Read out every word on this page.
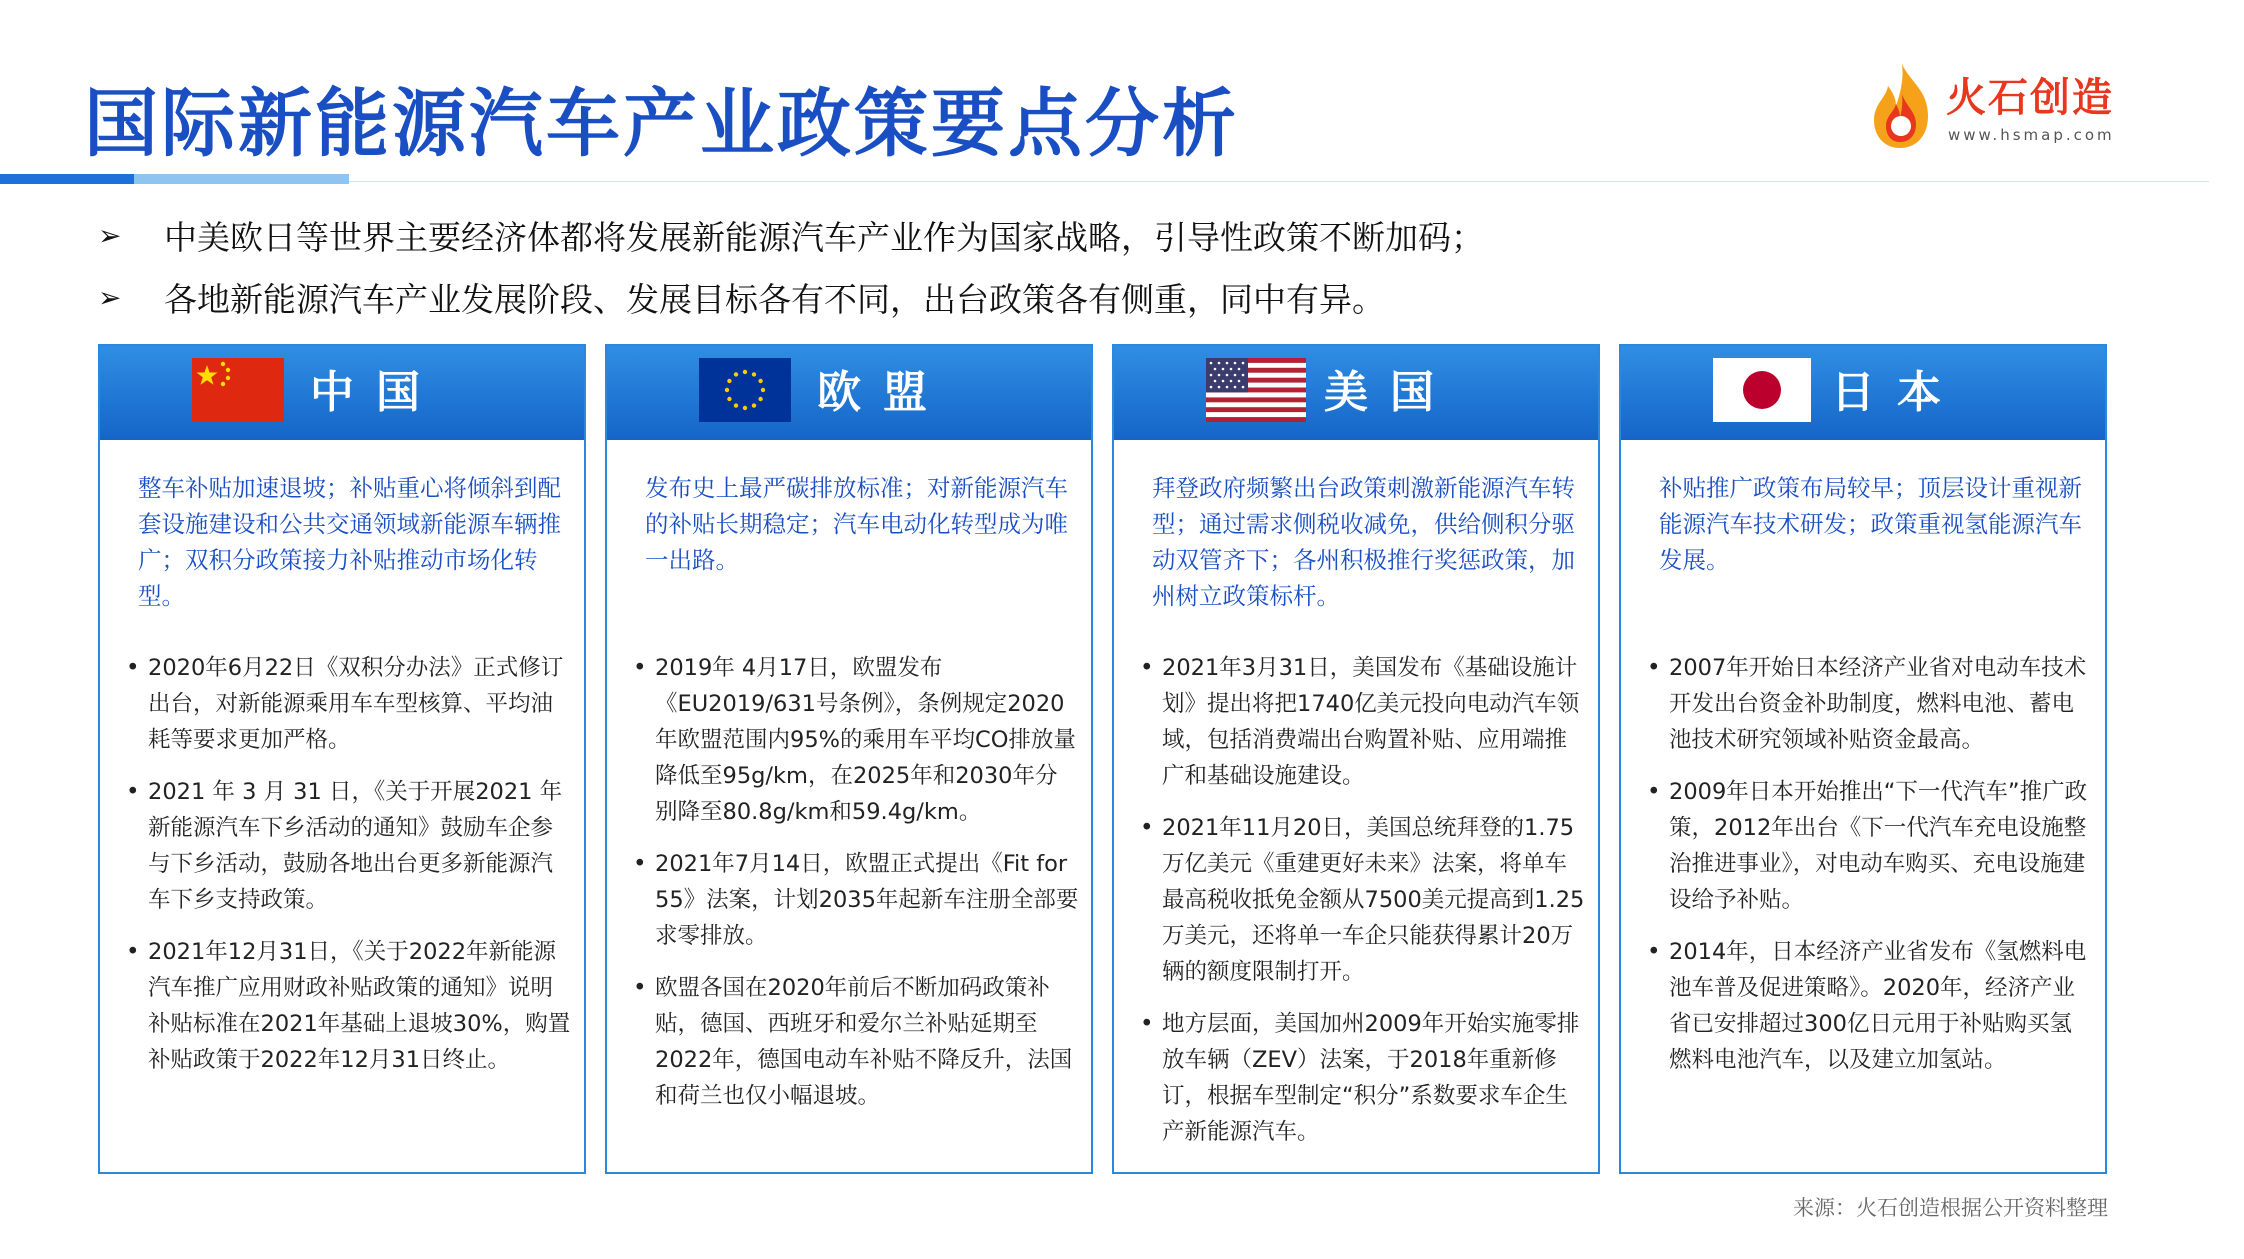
国际新能源汽车产业政策要点分析	火石创造
www.hsmap.com
➢	中美欧日等世界主要经济体都将发展新能源汽车产业作为国家战略，引导性政策不断加码；
➢	各地新能源汽车产业发展阶段、发展目标各有不同，出台政策各有侧重，同中有异。
中国
整车补贴加速退坡；补贴重心将倾斜到配套设施建设和公共交通领域新能源车辆推广；双积分政策接力补贴推动市场化转型。
• 2020年6月22日《双积分办法》正式修订出台，对新能源乘用车车型核算、平均油耗等要求更加严格。
• 2021 年 3 月 31 日，《关于开展2021 年新能源汽车下乡活动的通知》鼓励车企参与下乡活动，鼓励各地出台更多新能源汽车下乡支持政策。
• 2021年12月31日，《关于2022年新能源汽车推广应用财政补贴政策的通知》说明补贴标准在2021年基础上退坡30%，购置补贴政策于2022年12月31日终止。
欧盟
发布史上最严碳排放标准；对新能源汽车的补贴长期稳定；汽车电动化转型成为唯一出路。
• 2019年 4月17日，欧盟发布《EU2019/631号条例》，条例规定2020年欧盟范围内95%的乘用车平均CO排放量降低至95g/km，在2025年和2030年分别降至80.8g/km和59.4g/km。
• 2021年7月14日，欧盟正式提出《Fit for 55》法案，计划2035年起新车注册全部要求零排放。
• 欧盟各国在2020年前后不断加码政策补贴，德国、西班牙和爱尔兰补贴延期至2022年，德国电动车补贴不降反升，法国和荷兰也仅小幅退坡。
美国
拜登政府频繁出台政策刺激新能源汽车转型；通过需求侧税收减免，供给侧积分驱动双管齐下；各州积极推行奖惩政策，加州树立政策标杆。
• 2021年3月31日，美国发布《基础设施计划》提出将把1740亿美元投向电动汽车领域，包括消费端出台购置补贴、应用端推广和基础设施建设。
• 2021年11月20日，美国总统拜登的1.75万亿美元《重建更好未来》法案，将单车最高税收抵免金额从7500美元提高到1.25万美元，还将单一车企只能获得累计20万辆的额度限制打开。
• 地方层面，美国加州2009年开始实施零排放车辆（ZEV）法案，于2018年重新修订，根据车型制定“积分”系数要求车企生产新能源汽车。
日本
补贴推广政策布局较早；顶层设计重视新能源汽车技术研发；政策重视氢能源汽车发展。
• 2007年开始日本经济产业省对电动车技术开发出台资金补助制度，燃料电池、蓄电池技术研究领域补贴资金最高。
• 2009年日本开始推出“下一代汽车”推广政策，2012年出台《下一代汽车充电设施整治推进事业》，对电动车购买、充电设施建设给予补贴。
• 2014年，日本经济产业省发布《氢燃料电池车普及促进策略》。2020年，经济产业省已安排超过300亿日元用于补贴购买氢燃料电池汽车，以及建立加氢站。
来源：火石创造根据公开资料整理
